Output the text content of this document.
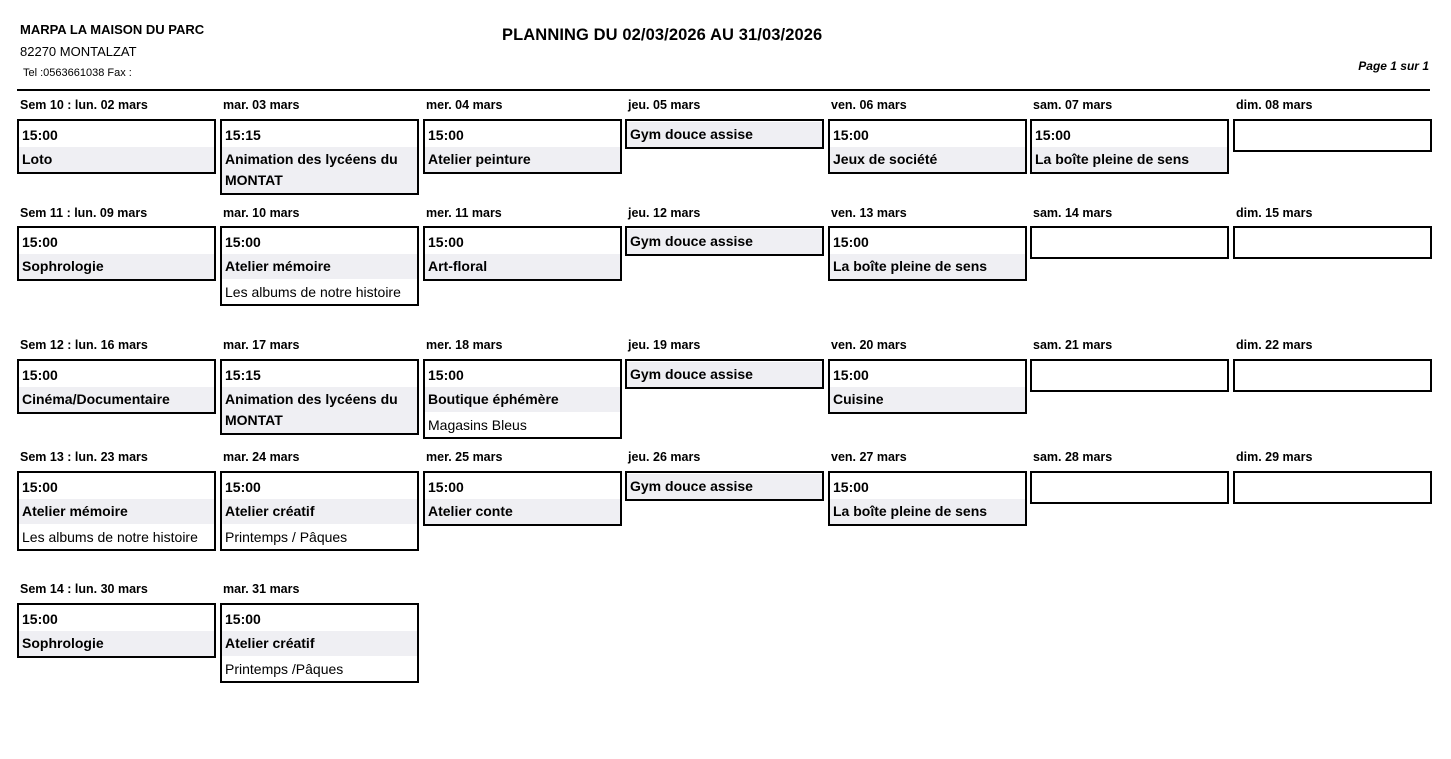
MARPA LA MAISON DU PARC
82270 MONTALZAT
Tel :0563661038 Fax :
PLANNING DU 02/03/2026 AU 31/03/2026
Page 1 sur 1
Sem 10 : lun. 02 mars
15:00
Loto
mar. 03 mars
15:15
Animation des lycéens du MONTAT
mer. 04 mars
15:00
Atelier peinture
jeu. 05 mars
Gym douce assise
ven. 06 mars
15:00
Jeux de société
sam. 07 mars
15:00
La boîte pleine de sens
dim. 08 mars
Sem 11 : lun. 09 mars
15:00
Sophrologie
mar. 10 mars
15:00
Atelier mémoire
Les albums de notre histoire
mer. 11 mars
15:00
Art-floral
jeu. 12 mars
Gym douce assise
ven. 13 mars
15:00
La boîte pleine de sens
sam. 14 mars	dim. 15 mars
Sem 12 : lun. 16 mars
15:00
Cinéma/Documentaire
mar. 17 mars
15:15
Animation des lycéens du MONTAT
mer. 18 mars
15:00
Boutique éphémère
Magasins Bleus
jeu. 19 mars
Gym douce assise
ven. 20 mars
15:00
Cuisine
sam. 21 mars	dim. 22 mars
Sem 13 : lun. 23 mars
15:00
Atelier mémoire
Les albums de notre histoire
mar. 24 mars
15:00
Atelier créatif
Printemps / Pâques
mer. 25 mars
15:00
Atelier conte
jeu. 26 mars
Gym douce assise
ven. 27 mars
15:00
La boîte pleine de sens
sam. 28 mars	dim. 29 mars
Sem 14 : lun. 30 mars
15:00
Sophrologie
mar. 31 mars
15:00
Atelier créatif
Printemps /Pâques
